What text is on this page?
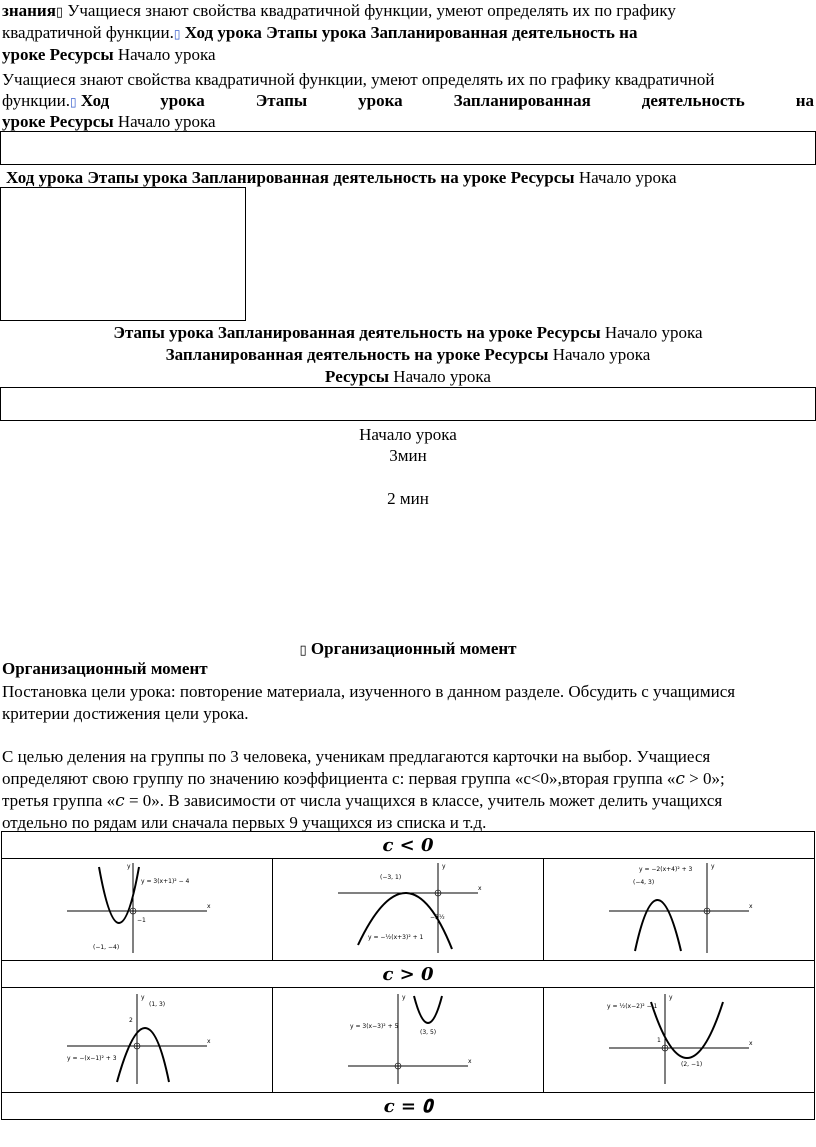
знания▯ Учащиеся знают свойства квадратичной функции, умеют определять их по графику
квадратичной функции.▯ Ход урока Этапы урока Запланированная деятельность на
уроке Ресурсы Начало урока
Учащиеся знают свойства квадратичной функции, умеют определять их по графику квадратичной
функции.▯ Ход	урока	Этапы	урока	Запланированная	деятельность	на
уроке Ресурсы Начало урока
Ход урока Этапы урока Запланированная деятельность на уроке Ресурсы Начало урока
Этапы урока Запланированная деятельность на уроке Ресурсы Начало урока
Запланированная деятельность на уроке Ресурсы Начало урока
Ресурсы Начало урока
Начало урока
3мин
2 мин
▯ Организационный момент
Организационный момент
Постановка цели урока: повторение материала, изученного в данном разделе. Обсудить с учащимися
критерии достижения цели урока.
С целью деления на группы по 3 человека, ученикам предлагаются карточки на выбор. Учащиеся
определяют свою группу по значению коэффициента с: первая группа «с<0»,вторая группа «𝑐 > 0»;
третья группа «𝑐 = 0». В зависимости от числа учащихся в классе, учитель может делить учащихся
отдельно по рядам или сначала первых 9 учащихся из списка и т.д.
𝒄 < 0		

x
y
y = 3(x+1)² − 4
(−1, −4)
−1	x
y
(−3, 1)
−3½
y = −½(x+3)² + 1	x
y
y = −2(x+4)² + 3
(−4, 3)

𝒄 > 0		

x
y
(1, 3)
2
y = −(x−1)² + 3	x
y
(3, 5)
y = 3(x−3)² + 5	x
y
y = ½(x−2)² − 1
(2, −1)
1

𝒄 = 𝟎		
